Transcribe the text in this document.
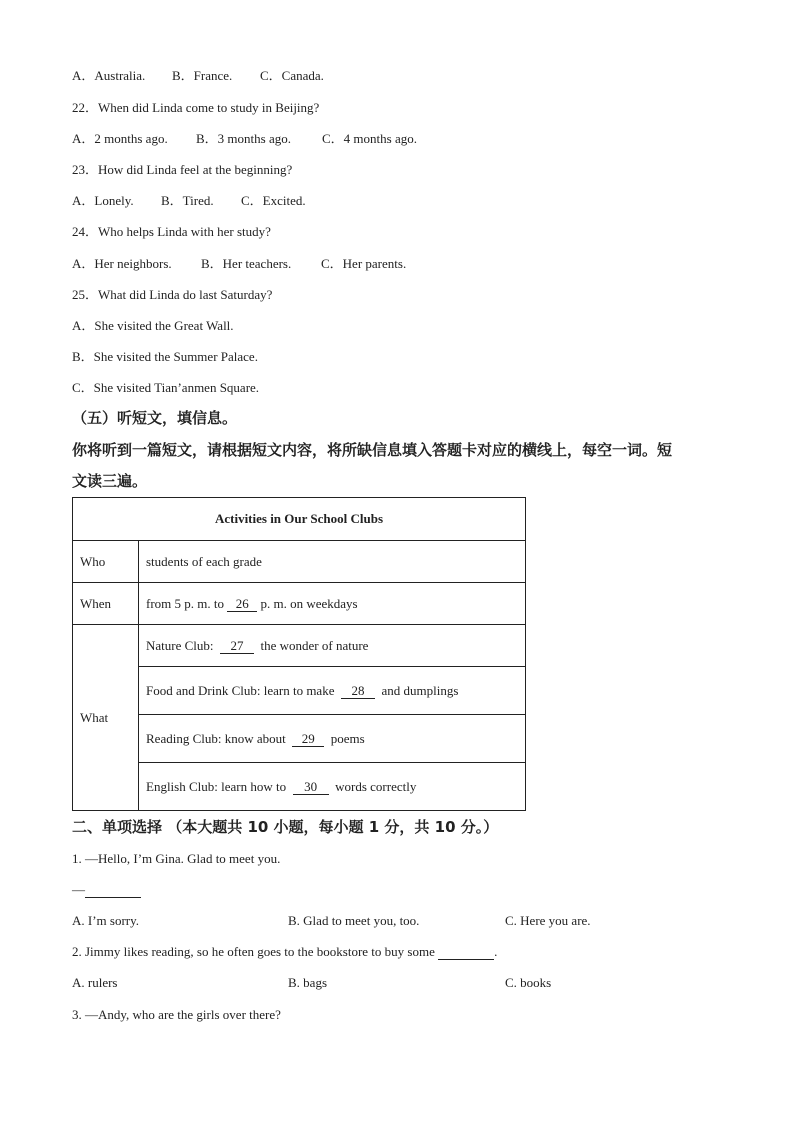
A．Australia. B．France. C．Canada.
22．When did Linda come to study in Beijing?
A．2 months ago. B．3 months ago. C．4 months ago.
23．How did Linda feel at the beginning?
A．Lonely. B．Tired. C．Excited.
24．Who helps Linda with her study?
A．Her neighbors. B．Her teachers. C．Her parents.
25．What did Linda do last Saturday?
A．She visited the Great Wall.
B．She visited the Summer Palace.
C．She visited Tian’anmen Square.
（五）听短文，填信息。
你将听到一篇短文，请根据短文内容，将所缺信息填入答题卡对应的横线上，每空一词。短
文读三遍。
Activities in Our School Clubs	
Who	students of each grade
When	from 5 p. m. to 26 p. m. on weekdays
What	Nature Club:  27  the wonder of nature
	Food and Drink Club: learn to make  28  and dumplings
	Reading Club: know about  29  poems
	English Club: learn how to  30  words correctly
二、单项选择 （本大题共 10 小题，每小题 1 分，共 10 分。）
1. —Hello, I’m Gina. Glad to meet you.
—
A. I’m sorry.	B. Glad to meet you, too.	C. Here you are.
2. Jimmy likes reading, so he often goes to the bookstore to buy some	.
A. rulers	B. bags	C. books
3. —Andy, who are the girls over there?
